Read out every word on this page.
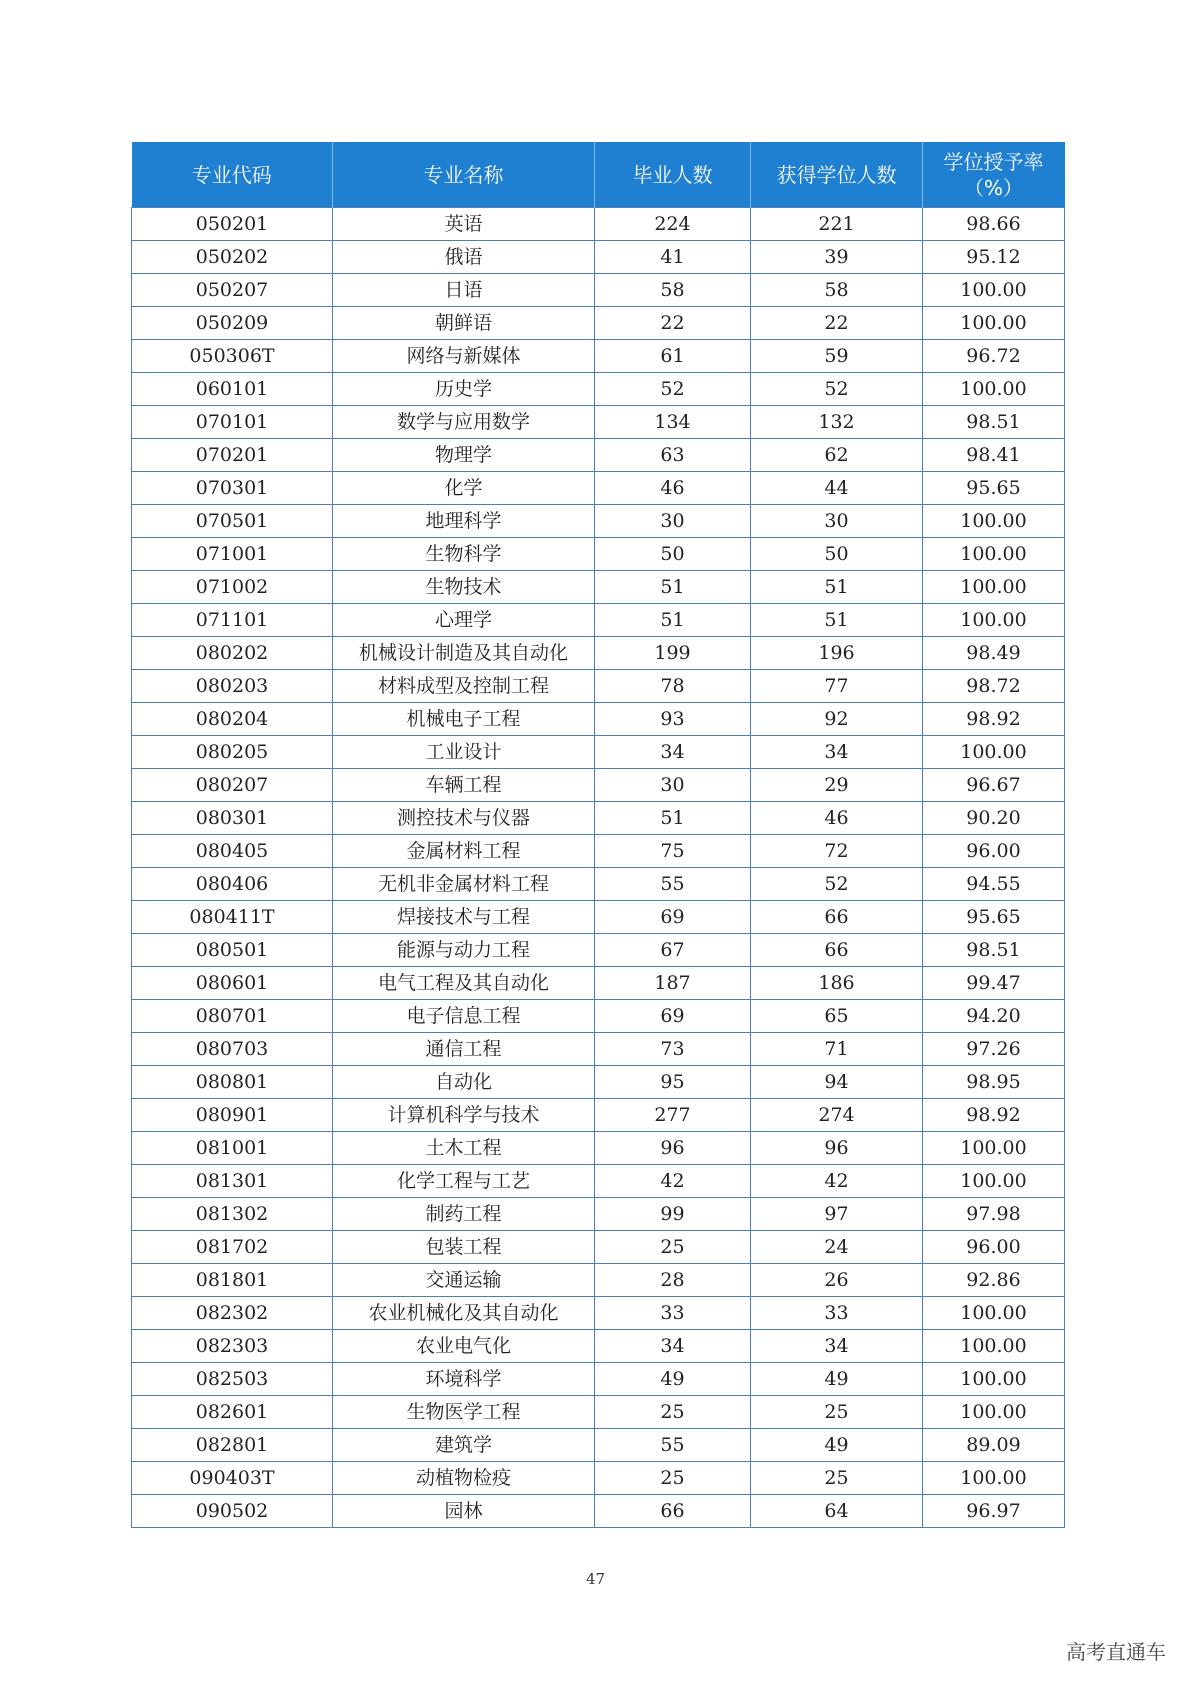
专业代码	专业名称	毕业人数	获得学位人数	学位授予率
（%）
050201	英语	224	221	98.66
050202	俄语	41	39	95.12
050207	日语	58	58	100.00
050209	朝鲜语	22	22	100.00
050306T	网络与新媒体	61	59	96.72
060101	历史学	52	52	100.00
070101	数学与应用数学	134	132	98.51
070201	物理学	63	62	98.41
070301	化学	46	44	95.65
070501	地理科学	30	30	100.00
071001	生物科学	50	50	100.00
071002	生物技术	51	51	100.00
071101	心理学	51	51	100.00
080202	机械设计制造及其自动化	199	196	98.49
080203	材料成型及控制工程	78	77	98.72
080204	机械电子工程	93	92	98.92
080205	工业设计	34	34	100.00
080207	车辆工程	30	29	96.67
080301	测控技术与仪器	51	46	90.20
080405	金属材料工程	75	72	96.00
080406	无机非金属材料工程	55	52	94.55
080411T	焊接技术与工程	69	66	95.65
080501	能源与动力工程	67	66	98.51
080601	电气工程及其自动化	187	186	99.47
080701	电子信息工程	69	65	94.20
080703	通信工程	73	71	97.26
080801	自动化	95	94	98.95
080901	计算机科学与技术	277	274	98.92
081001	土木工程	96	96	100.00
081301	化学工程与工艺	42	42	100.00
081302	制药工程	99	97	97.98
081702	包装工程	25	24	96.00
081801	交通运输	28	26	92.86
082302	农业机械化及其自动化	33	33	100.00
082303	农业电气化	34	34	100.00
082503	环境科学	49	49	100.00
082601	生物医学工程	25	25	100.00
082801	建筑学	55	49	89.09
090403T	动植物检疫	25	25	100.00
090502	园林	66	64	96.97
47
高考直通车
